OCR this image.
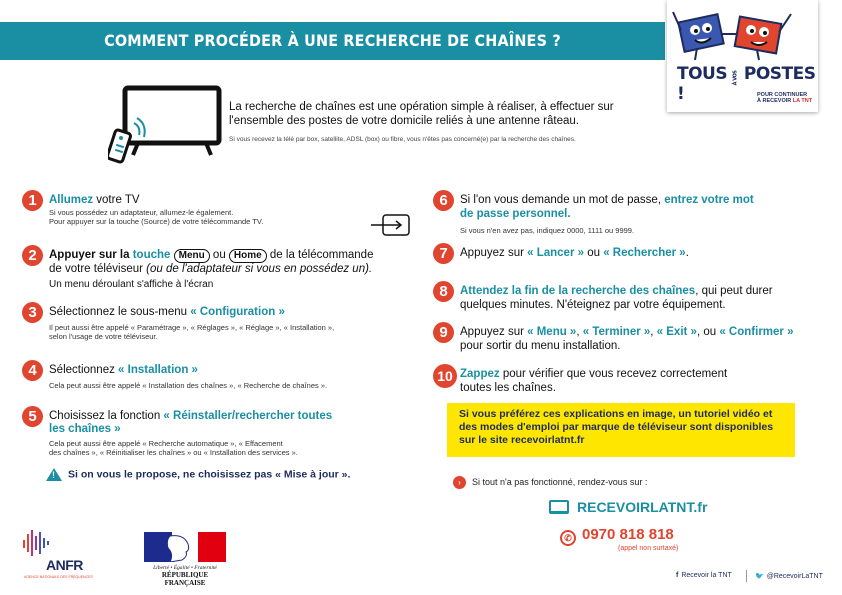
COMMENT PROCÉDER À UNE RECHERCHE DE CHAÎNES ?
TOUS À VOS POSTES !	POUR CONTINUER
À RECEVOIR LA TNT
La recherche de chaînes est une opération simple à réaliser, à effectuer sur l'ensemble des postes de votre domicile reliés à une antenne râteau.
Si vous recevez la télé par box, satellite, ADSL (box) ou fibre, vous n'êtes pas concerné(e) par la recherche des chaînes.
1	Allumez votre TV
Si vous possédez un adaptateur, allumez-le également.
Pour appuyer sur la touche (Source) de votre télécommande TV.
2	Appuyer sur la touche Menu ou Home de la télécommande
de votre téléviseur (ou de l'adaptateur si vous en possédez un).
Un menu déroulant s'affiche à l'écran
3	Sélectionnez le sous-menu « Configuration »
Il peut aussi être appelé « Paramétrage », « Réglages », « Réglage », « Installation »,
selon l'usage de votre téléviseur.
4	Sélectionnez « Installation »
Cela peut aussi être appelé « Installation des chaînes », « Recherche de chaînes ».
5	Choisissez la fonction « Réinstaller/rechercher toutes
les chaînes »
Cela peut aussi être appelé « Recherche automatique », « Effacement
des chaînes », « Réinitialiser les chaînes » ou « Installation des services ».
! Si on vous le propose, ne choisissez pas « Mise à jour ».
6	Si l'on vous demande un mot de passe, entrez votre mot
de passe personnel.
Si vous n'en avez pas, indiquez 0000, 1111 ou 9999.
7	Appuyez sur « Lancer » ou « Rechercher ».
8	Attendez la fin de la recherche des chaînes, qui peut durer
quelques minutes. N'éteignez par votre équipement.
9	Appuyez sur « Menu », « Terminer », « Exit », ou « Confirmer »
pour sortir du menu installation.
10 Zappez pour vérifier que vous recevez correctement
toutes les chaînes.
Si vous préférez ces explications en image, un tutoriel vidéo et des modes d'emploi par marque de téléviseur sont disponibles sur le site recevoirlatnt.fr
› Si tout n'a pas fonctionné, rendez-vous sur :
RECEVOIRLATNT.fr
✆ 0970 818 818
(appel non surtaxé)
ANFR
AGENCE NATIONALE DES FRÉQUENCES
Liberté • Égalité • Fraternité
RÉPUBLIQUE FRANÇAISE
f Recevoir la TNT	🐦 @RecevoirLaTNT
